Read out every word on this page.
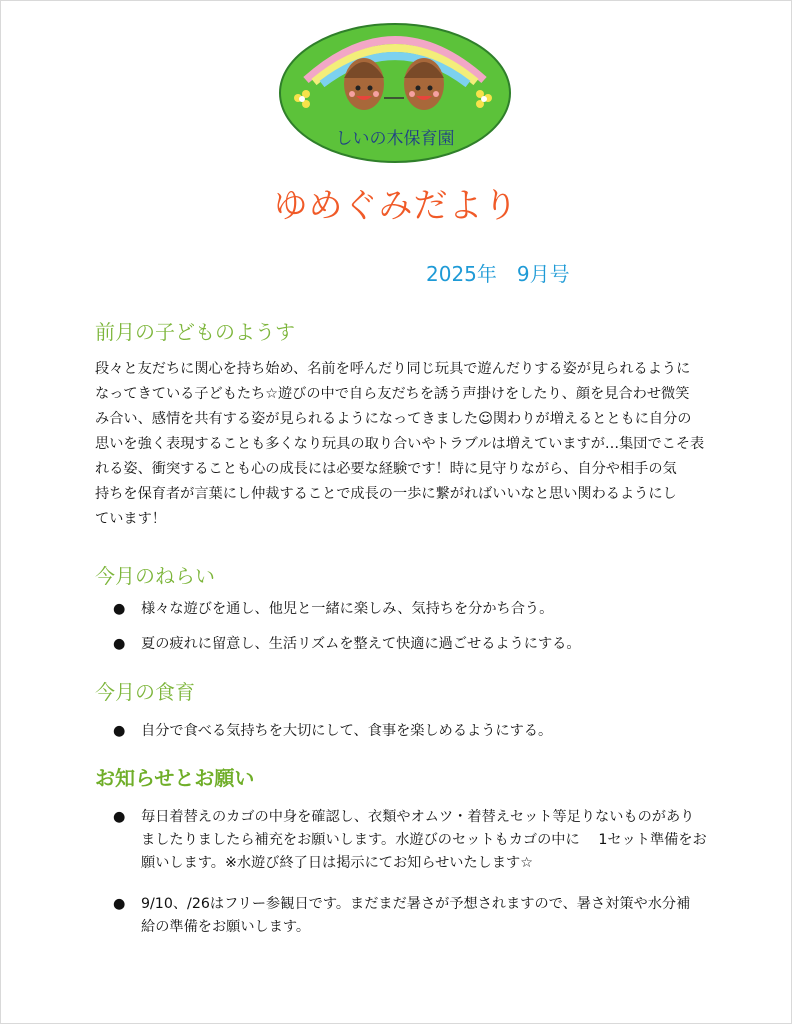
しいの木保育園
ゆめぐみだより
2025年　9月号
前月の子どものようす
段々と友だちに関心を持ち始め、名前を呼んだり同じ玩具で遊んだりする姿が見られるように
なってきている子どもたち☆遊びの中で自ら友だちを誘う声掛けをしたり、顔を見合わせ微笑
み合い、感情を共有する姿が見られるようになってきました☺関わりが増えるとともに自分の
思いを強く表現することも多くなり玩具の取り合いやトラブルは増えていますが…集団でこそ表
れる姿、衝突することも心の成長には必要な経験です！時に見守りながら、自分や相手の気
持ちを保育者が言葉にし仲裁することで成長の一歩に繋がればいいなと思い関わるようにし
ています！
今月のねらい
● 様々な遊びを通し、他児と一緒に楽しみ、気持ちを分かち合う。
● 夏の疲れに留意し、生活リズムを整えて快適に過ごせるようにする。
今月の食育
● 自分で食べる気持ちを大切にして、食事を楽しめるようにする。
お知らせとお願い
● 毎日着替えのカゴの中身を確認し、衣類やオムツ・着替えセット等足りないものがあり
ましたりましたら補充をお願いします。水遊びのセットもカゴの中に　 1セット準備をお
願いします。※水遊び終了日は掲示にてお知らせいたします☆
● 9/10、/26はフリー参観日です。まだまだ暑さが予想されますので、暑さ対策や水分補
給の準備をお願いします。
